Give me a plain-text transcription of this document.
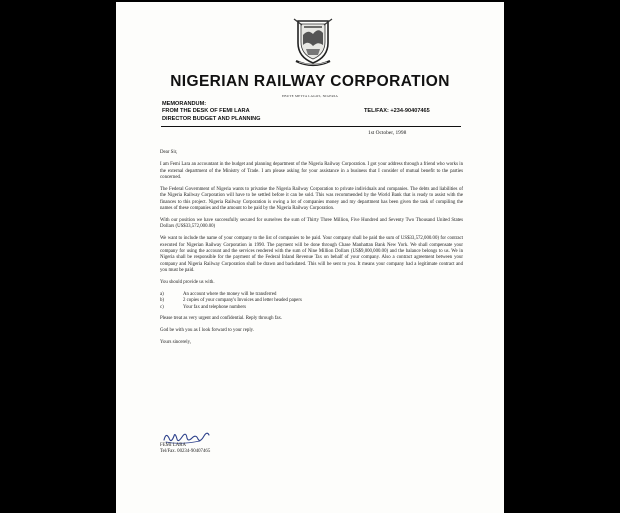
NIGERIAN RAILWAY CORPORATION
EBUTE METTA LAGOS, NIGERIA
MEMORANDUM:
FROM THE DESK OF FEMI LARA
DIRECTOR BUDGET AND PLANNING
TEL/FAX: +234-90407465
1st October, 1998

Dear Sir,

I am Femi Lara an accountant in the budget and planning department of the Nigeria Railway Corporation. I got your address through a friend who works in the external department of the Ministry of Trade. I am please asking for your assistance in a business that I consider of mutual benefit to the parties concerned.

The Federal Government of Nigeria wants to privatise the Nigeria Railway Corporation to private individuals and companies. The debts and liabilities of the Nigeria Railway Corporation will have to be settled before it can be sold. This was recommended by the World Bank that is ready to assist with the finances to this project. Nigeria Railway Corporation is owing a lot of companies money and my department has been given the task of compiling the names of these companies and the amount to be paid by the Nigeria Railway Corporation.

With our position we have successfully secured for ourselves the sum of Thirty Three Million, Five Hundred and Seventy Two Thousand United States Dollars (US$33,572,000.00)

We want to include the name of your company to the list of companies to be paid. Your company shall be paid the sum of US$33,572,000.00) for contract executed for Nigerian Railway Corporation in 1990. The payment will be done through Chase Manhattan Bank New York. We shall compensate your company for using the account and the services rendered with the sum of Nine Million Dollars (US$9,000,000.00) and the balance belongs to us. We in Nigeria shall be responsible for the payment of the Federal Inland Revenue Tax on behalf of your company. Also a contract agreement between your company and Nigeria Railway Corporation shall be drawn and backdated. This will be sent to you. It means your company had a legitimate contract and you must be paid.

You should provide us with.

a)	An account where the money will be transferred
b)	2 copies of your company's Invoices and letter headed papers
c)	Your fax and telephone numbers

Please treat as very urgent and confidential. Reply through fax.

God be with you as I look forward to your reply.

Yours sincerely,

FEMI LARA
Tel/Fax. 00234-90407465
